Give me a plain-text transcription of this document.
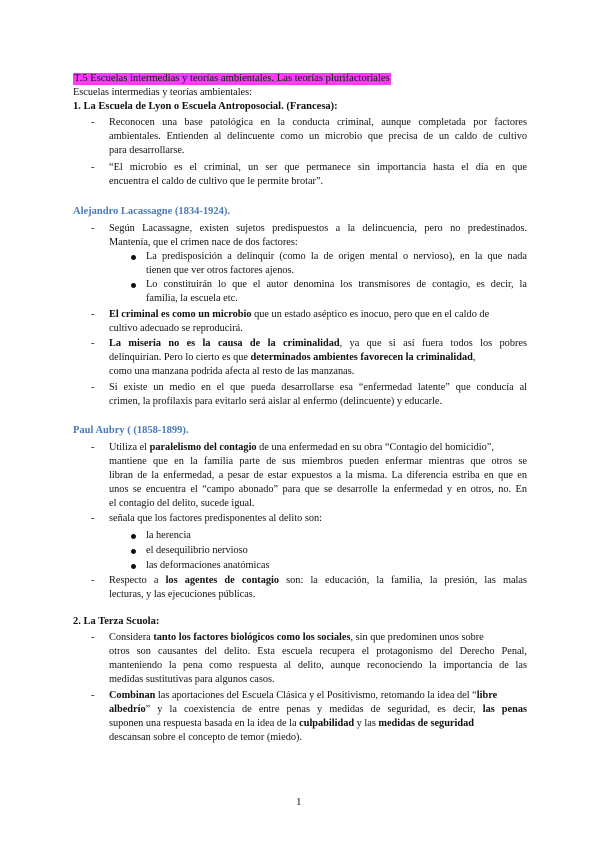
T.5 Escuelas intermedias y teorías ambientales. Las teorías plurifactoriales
Escuelas intermedias y teorías ambientales:
1. La Escuela de Lyon o Escuela Antroposocial. (Francesa):
- Reconocen una base patológica en la conducta criminal, aunque completada por factores
ambientales. Entienden al delincuente como un microbio que precisa de un caldo de cultivo
para desarrollarse.
- “El microbio es el criminal, un ser que permanece sin importancia hasta el día en que
encuentra el caldo de cultivo que le permite brotar”.
Alejandro Lacassagne (1834-1924).
- Según Lacassagne, existen sujetos predispuestos a la delincuencia, pero no predestinados.
Mantenía, que el crimen nace de dos factores:
La predisposición a delinquir (como la de origen mental o nervioso), en la que nada
tienen que ver otros factores ajenos.
Lo constituirán lo que el autor denomina los transmisores de contagio, es decir, la
familia, la escuela etc.
- El criminal es como un microbio que un estado aséptico es inocuo, pero que en el caldo de
cultivo adecuado se reproducirá.
- La miseria no es la causa de la criminalidad, ya que si así fuera todos los pobres
delinquirían. Pero lo cierto es que determinados ambientes favorecen la criminalidad,
como una manzana podrida afecta al resto de las manzanas.
- Si existe un medio en el que pueda desarrollarse esa “enfermedad latente” que conducía al
crimen, la profilaxis para evitarlo será aislar al enfermo (delincuente) y educarle.
Paul Aubry ( (1858-1899).
- Utiliza el paralelismo del contagio de una enfermedad en su obra “Contagio del homicidio”,
mantiene que en la familia parte de sus miembros pueden enfermar mientras que otros se
libran de la enfermedad, a pesar de estar expuestos a la misma. La diferencia estriba en que en
unos se encuentra el “campo abonado” para que se desarrolle la enfermedad y en otros, no. En
el contagio del delito, sucede igual.
- señala que los factores predisponentes al delito son:
la herencia
el desequilibrio nervioso
las deformaciones anatómicas
- Respecto a los agentes de contagio son: la educación, la familia, la presión, las malas
lecturas, y las ejecuciones públicas.
2. La Terza Scuola:
- Considera tanto los factores biológicos como los sociales, sin que predominen unos sobre
otros son causantes del delito. Esta escuela recupera el protagonismo del Derecho Penal,
manteniendo la pena como respuesta al delito, aunque reconociendo la importancia de las
medidas sustitutivas para algunos casos.
- Combinan las aportaciones del Escuela Clásica y el Positivismo, retomando la idea del “libre
albedrío” y la coexistencia de entre penas y medidas de seguridad, es decir, las penas
suponen una respuesta basada en la idea de la culpabilidad y las medidas de seguridad
descansan sobre el concepto de temor (miedo).
1
